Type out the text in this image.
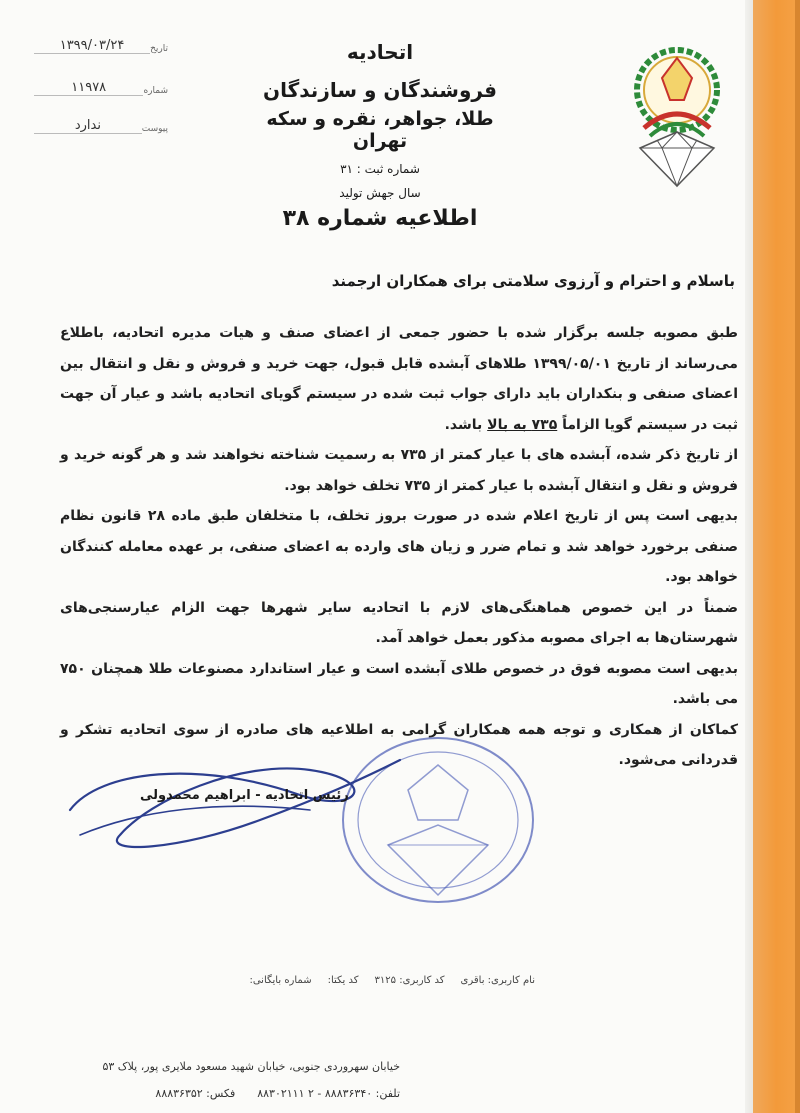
تاریخ
۱۳۹۹/۰۳/۲۴
شماره
۱۱۹۷۸
پیوست
ندارد
اتحادیه
فروشندگان و سازندگان
طلا، جواهر، نقره و سکه تهران
شماره ثبت : ۳۱
سال جهش تولید
اطلاعیه شماره ۳۸
باسلام و احترام و آرزوی سلامتی برای همکاران ارجمند

طبق مصوبه جلسه برگزار شده با حضور جمعی از اعضای صنف و هیات مدیره اتحادیه، باطلاع می‌رساند از تاریخ ۱۳۹۹/۰۵/۰۱ طلاهای آبشده قابل قبول، جهت خرید و فروش و نقل و انتقال بین اعضای صنفی و بنکداران باید دارای جواب ثبت شده در سیستم گویای اتحادیه باشد و عیار آن جهت ثبت در سیستم گویا الزاماً ۷۳۵ به بالا باشد.

از تاریخ ذکر شده، آبشده های با عیار کمتر از ۷۳۵ به رسمیت شناخته نخواهند شد و هر گونه خرید و فروش و نقل و انتقال آبشده با عیار کمتر از ۷۳۵ تخلف خواهد بود.

بدیهی است پس از تاریخ اعلام شده در صورت بروز تخلف، با متخلفان طبق ماده ۲۸ قانون نظام صنفی برخورد خواهد شد و تمام ضرر و زیان های وارده به اعضای صنفی، بر عهده معامله کنندگان خواهد بود.

ضمناً در این خصوص هماهنگی‌های لازم با اتحادیه سایر شهرها جهت الزام عیارسنجی‌های شهرستان‌ها به اجرای مصوبه مذکور بعمل خواهد آمد.

بدیهی است مصوبه فوق در خصوص طلای آبشده است و عیار استاندارد مصنوعات طلا همچنان ۷۵۰ می باشد.

کماکان از همکاری و توجه همه همکاران گرامی به اطلاعیه های صادره از سوی اتحادیه تشکر و قدردانی می‌شود.

رئیس اتحادیه - ابراهیم محمدولی
نام کاربری: باقری
کد کاربری: ۳۱۲۵
کد یکتا:
شماره بایگانی:
خیابان سهروردی جنوبی، خیابان شهید مسعود ملایری پور، پلاک ۵۳
تلفن: ۸۸۸۳۶۳۴۰ - ۲ ۸۸۳۰۲۱۱۱
فکس: ۸۸۸۳۶۳۵۲
